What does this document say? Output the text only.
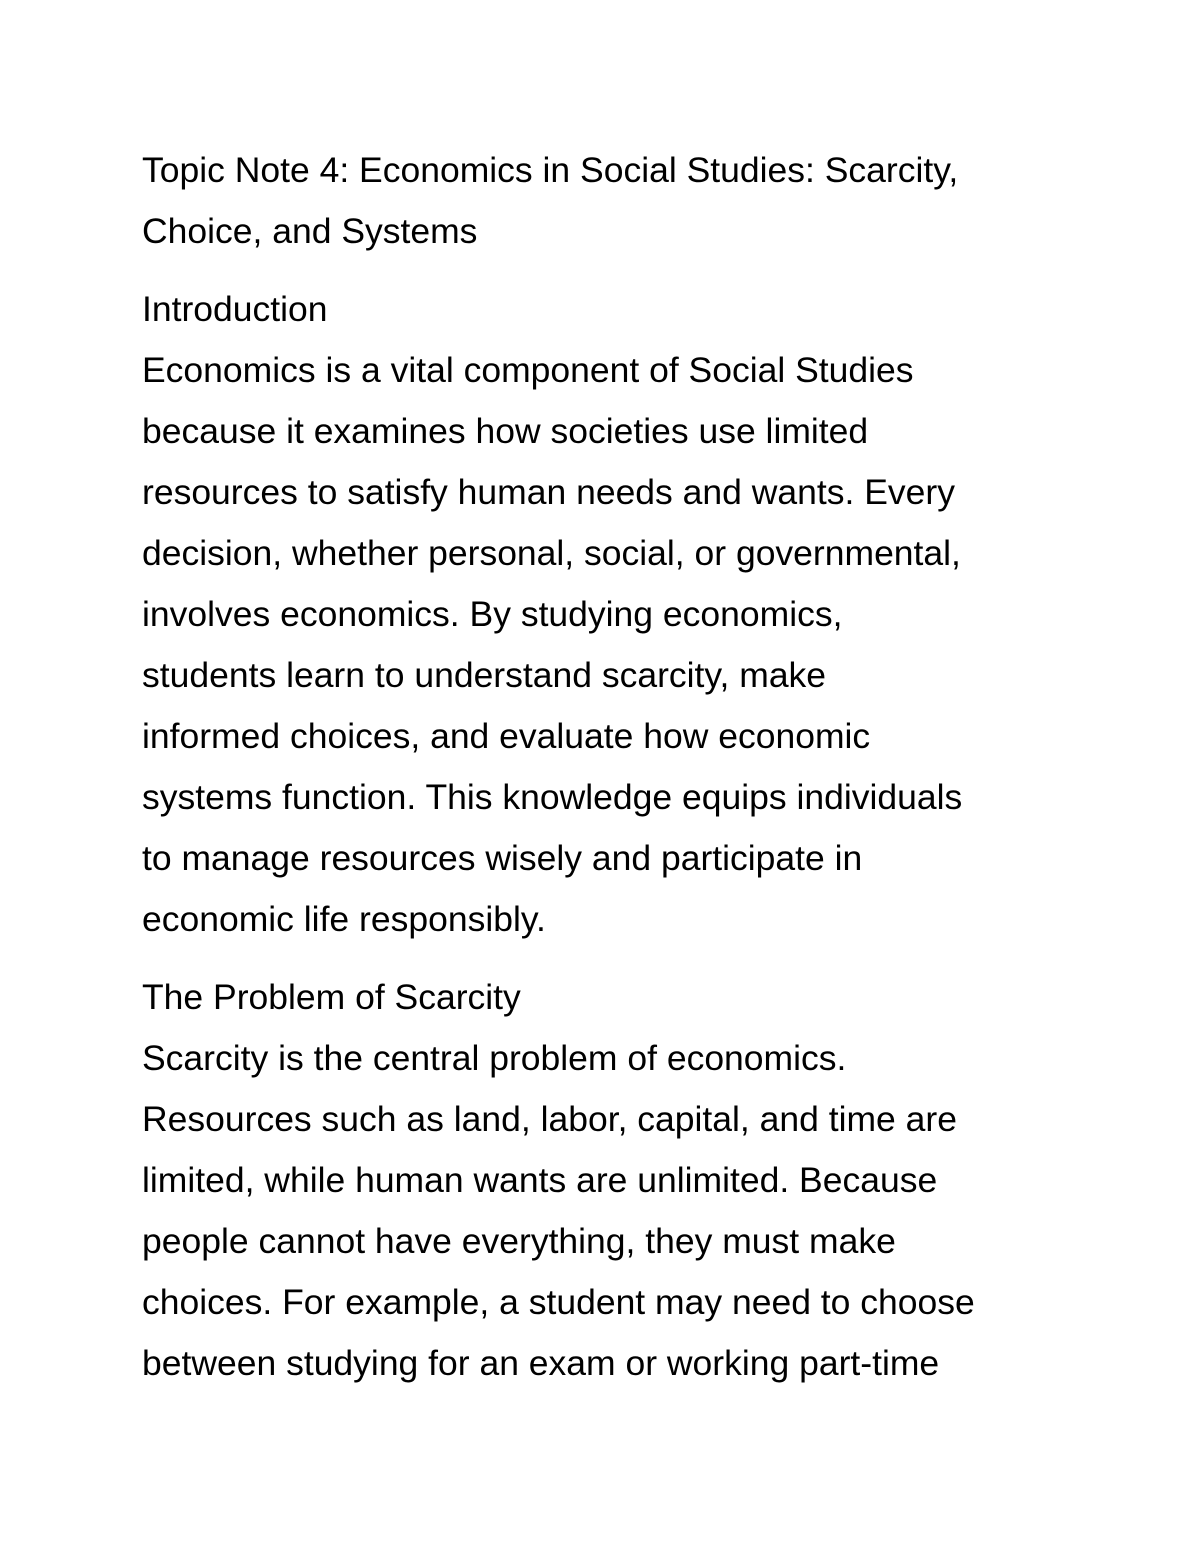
Topic Note 4: Economics in Social Studies: Scarcity,
Choice, and Systems
Introduction
Economics is a vital component of Social Studies
because it examines how societies use limited
resources to satisfy human needs and wants. Every
decision, whether personal, social, or governmental,
involves economics. By studying economics,
students learn to understand scarcity, make
informed choices, and evaluate how economic
systems function. This knowledge equips individuals
to manage resources wisely and participate in
economic life responsibly.
The Problem of Scarcity
Scarcity is the central problem of economics.
Resources such as land, labor, capital, and time are
limited, while human wants are unlimited. Because
people cannot have everything, they must make
choices. For example, a student may need to choose
between studying for an exam or working part-time
